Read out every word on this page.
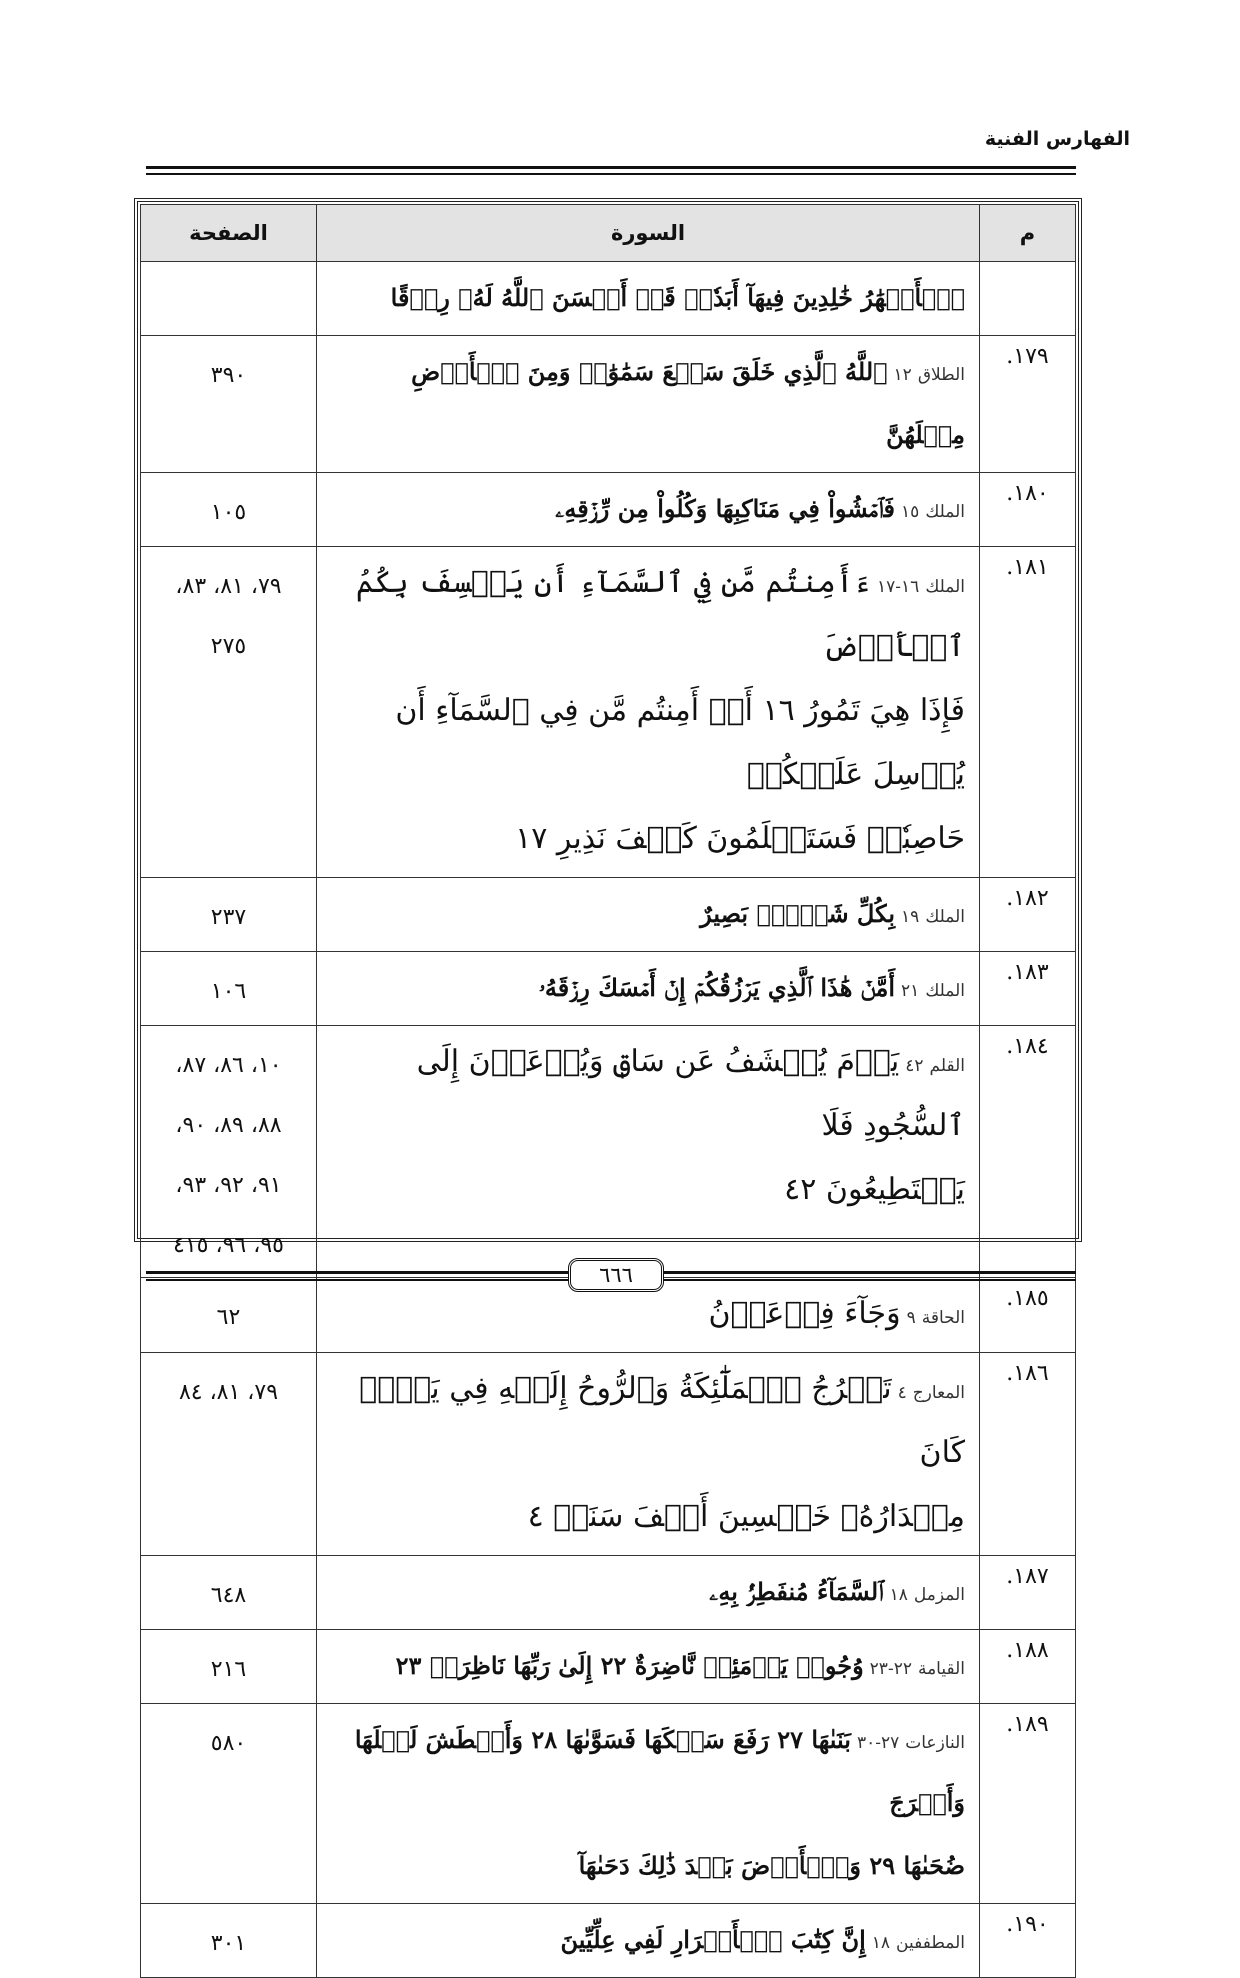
الفهارس الفنية
م	السورة	الصفحة

	ٱلۡأَنۡهَٰرُ خَٰلِدِينَ فِيهَآ أَبَدٗاۖ قَدۡ أَحۡسَنَ ٱللَّهُ لَهُۥ رِزۡقًا	

١٧٩.	الطلاق١٢ٱللَّهُ ٱلَّذِي خَلَقَ سَبۡعَ سَمَٰوَٰتٖ وَمِنَ ٱلۡأَرۡضِ مِثۡلَهُنَّ	٣٩٠

١٨٠.	الملك١٥فَٱمۡشُواْ فِي مَنَاكِبِهَا وَكُلُواْ مِن رِّزۡقِهِۦ	١٠٥

١٨١.	الملك١٦-١٧ءَأَمِنتُم مَّن فِي ٱلسَّمَآءِ أَن يَخۡسِفَ بِكُمُ ٱلۡأَرۡضَ
فَإِذَا هِيَ تَمُورُ ١٦ أَمۡ أَمِنتُم مَّن فِي ٱلسَّمَآءِ أَن يُرۡسِلَ عَلَيۡكُمۡ
حَاصِبٗاۖ فَسَتَعۡلَمُونَ كَيۡفَ نَذِيرِ ١٧	٧٩، ٨١، ٨٣،
٢٧٥

١٨٢.	الملك١٩بِكُلِّ شَيۡءِۭ بَصِيرٌ	٢٣٧

١٨٣.	الملك٢١أَمَّنۡ هَٰذَا ٱلَّذِي يَرۡزُقُكُمۡ إِنۡ أَمۡسَكَ رِزۡقَهُۥ	١٠٦

١٨٤.	القلم٤٢يَوۡمَ يُكۡشَفُ عَن سَاقٖ وَيُدۡعَوۡنَ إِلَى ٱلسُّجُودِ فَلَا
يَسۡتَطِيعُونَ ٤٢	١٠، ٨٦، ٨٧،
٨٨، ٨٩، ٩٠،
٩١، ٩٢، ٩٣،
٩٥، ٩٦، ٤١٥

١٨٥.	الحاقة٩وَجَآءَ فِرۡعَوۡنُ	٦٢

١٨٦.	المعارج٤تَعۡرُجُ ٱلۡمَلَٰٓئِكَةُ وَٱلرُّوحُ إِلَيۡهِ فِي يَوۡمٖ كَانَ
مِقۡدَارُهُۥ خَمۡسِينَ أَلۡفَ سَنَةٖ ٤	٧٩، ٨١، ٨٤

١٨٧.	المزمل١٨ٱلسَّمَآءُ مُنفَطِرُۢ بِهِۦ	٦٤٨

١٨٨.	القيامة٢٢-٢٣وُجُوهٞ يَوۡمَئِذٖ نَّاضِرَةٌ ٢٢ إِلَىٰ رَبِّهَا نَاظِرَةٞ ٢٣	٢١٦

١٨٩.	النازعات٢٧-٣٠بَنَىٰهَا ٢٧ رَفَعَ سَمۡكَهَا فَسَوَّىٰهَا ٢٨ وَأَغۡطَشَ لَيۡلَهَا وَأَخۡرَجَ
ضُحَىٰهَا ٢٩ وَٱلۡأَرۡضَ بَعۡدَ ذَٰلِكَ دَحَىٰهَآ	٥٨٠

١٩٠.	المطففين١٨إِنَّ كِتَٰبَ ٱلۡأَبۡرَارِ لَفِي عِلِّيِّينَ	٣٠١
٦٦٦
